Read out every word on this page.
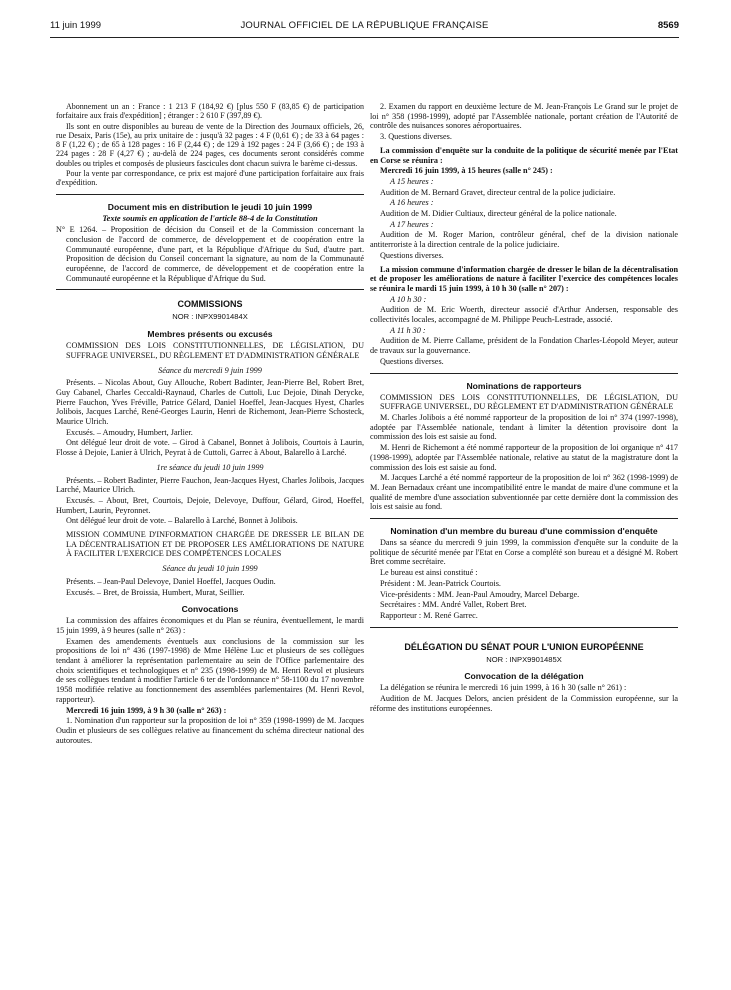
11 juin 1999	JOURNAL OFFICIEL DE LA RÉPUBLIQUE FRANÇAISE	8569

Abonnement un an : France : 1 213 F (184,92 €) [plus 550 F (83,85 €) de participation forfaitaire aux frais d'expédition] ; étranger : 2 610 F (397,89 €).

Ils sont en outre disponibles au bureau de vente de la Direction des Journaux officiels, 26, rue Desaix, Paris (15e), au prix unitaire de : jusqu'à 32 pages : 4 F (0,61 €) ; de 33 à 64 pages : 8 F (1,22 €) ; de 65 à 128 pages : 16 F (2,44 €) ; de 129 à 192 pages : 24 F (3,66 €) ; de 193 à 224 pages : 28 F (4,27 €) ; au-delà de 224 pages, ces documents seront considérés comme doubles ou triples et composés de plusieurs fascicules dont chacun suivra le barème ci-dessus.

Pour la vente par correspondance, ce prix est majoré d'une participation forfaitaire aux frais d'expédition.

Document mis en distribution le jeudi 10 juin 1999
Texte soumis en application de l'article 88-4 de la Constitution

N° E 1264. – Proposition de décision du Conseil et de la Commission concernant la conclusion de l'accord de commerce, de développement et de coopération entre la Communauté européenne, d'une part, et la République d'Afrique du Sud, d'autre part. Proposition de décision du Conseil concernant la signature, au nom de la Communauté européenne, de l'accord de commerce, de développement et de coopération entre la Communauté européenne et la République d'Afrique du Sud.

COMMISSIONS
NOR : INPX9901484X
Membres présents ou excusés

COMMISSION DES LOIS CONSTITUTIONNELLES, DE LÉGISLATION, DU SUFFRAGE UNIVERSEL, DU RÈGLEMENT ET D'ADMINISTRATION GÉNÉRALE

Séance du mercredi 9 juin 1999

Présents. – Nicolas About, Guy Allouche, Robert Badinter, Jean-Pierre Bel, Robert Bret, Guy Cabanel, Charles Ceccaldi-Raynaud, Charles de Cuttoli, Luc Dejoie, Dinah Derycke, Pierre Fauchon, Yves Fréville, Patrice Gélard, Daniel Hoeffel, Jean-Jacques Hyest, Charles Jolibois, Jacques Larché, René-Georges Laurin, Henri de Richemont, Jean-Pierre Schosteck, Maurice Ulrich.

Excusés. – Amoudry, Humbert, Jarlier.

Ont délégué leur droit de vote. – Girod à Cabanel, Bonnet à Jolibois, Courtois à Laurin, Flosse à Dejoie, Lanier à Ulrich, Peyrat à de Cuttoli, Garrec à About, Balarello à Larché.

1re séance du jeudi 10 juin 1999

Présents. – Robert Badinter, Pierre Fauchon, Jean-Jacques Hyest, Charles Jolibois, Jacques Larché, Maurice Ulrich.

Excusés. – About, Bret, Courtois, Dejoie, Delevoye, Duffour, Gélard, Girod, Hoeffel, Humbert, Laurin, Peyronnet.

Ont délégué leur droit de vote. – Balarello à Larché, Bonnet à Jolibois.

MISSION COMMUNE D'INFORMATION CHARGÉE DE DRESSER LE BILAN DE LA DÉCENTRALISATION ET DE PROPOSER LES AMÉLIORATIONS DE NATURE À FACILITER L'EXERCICE DES COMPÉTENCES LOCALES

Séance du jeudi 10 juin 1999

Présents. – Jean-Paul Delevoye, Daniel Hoeffel, Jacques Oudin.

Excusés. – Bret, de Broissia, Humbert, Murat, Seillier.

Convocations

La commission des affaires économiques et du Plan se réunira, éventuellement, le mardi 15 juin 1999, à 9 heures (salle n° 263) :

Examen des amendements éventuels aux conclusions de la commission sur les propositions de loi n° 436 (1997-1998) de Mme Hélène Luc et plusieurs de ses collègues tendant à améliorer la représentation parlementaire au sein de l'Office parlementaire des choix scientifiques et technologiques et n° 235 (1998-1999) de M. Henri Revol et plusieurs de ses collègues tendant à modifier l'article 6 ter de l'ordonnance n° 58-1100 du 17 novembre 1958 modifiée relative au fonctionnement des assemblées parlementaires (M. Henri Revol, rapporteur).

Mercredi 16 juin 1999, à 9 h 30 (salle n° 263) :

1. Nomination d'un rapporteur sur la proposition de loi n° 359 (1998-1999) de M. Jacques Oudin et plusieurs de ses collègues relative au financement du schéma directeur national des autoroutes.

2. Examen du rapport en deuxième lecture de M. Jean-François Le Grand sur le projet de loi n° 358 (1998-1999), adopté par l'Assemblée nationale, portant création de l'Autorité de contrôle des nuisances sonores aéroportuaires.

3. Questions diverses.

La commission d'enquête sur la conduite de la politique de sécurité menée par l'Etat en Corse se réunira :

Mercredi 16 juin 1999, à 15 heures (salle n° 245) :

A 15 heures :

Audition de M. Bernard Gravet, directeur central de la police judiciaire.

A 16 heures :

Audition de M. Didier Cultiaux, directeur général de la police nationale.

A 17 heures :

Audition de M. Roger Marion, contrôleur général, chef de la division nationale antiterroriste à la direction centrale de la police judiciaire.

Questions diverses.

La mission commune d'information chargée de dresser le bilan de la décentralisation et de proposer les améliorations de nature à faciliter l'exercice des compétences locales se réunira le mardi 15 juin 1999, à 10 h 30 (salle n° 207) :

A 10 h 30 :

Audition de M. Eric Woerth, directeur associé d'Arthur Andersen, responsable des collectivités locales, accompagné de M. Philippe Peuch-Lestrade, associé.

A 11 h 30 :

Audition de M. Pierre Callame, président de la Fondation Charles-Léopold Meyer, auteur de travaux sur la gouvernance.

Questions diverses.

Nominations de rapporteurs

COMMISSION DES LOIS CONSTITUTIONNELLES, DE LÉGISLATION, DU SUFFRAGE UNIVERSEL, DU RÈGLEMENT ET D'ADMINISTRATION GÉNÉRALE

M. Charles Jolibois a été nommé rapporteur de la proposition de loi n° 374 (1997-1998), adoptée par l'Assemblée nationale, tendant à limiter la détention provisoire dont la commission des lois est saisie au fond.

M. Henri de Richemont a été nommé rapporteur de la proposition de loi organique n° 417 (1998-1999), adoptée par l'Assemblée nationale, relative au statut de la magistrature dont la commission des lois est saisie au fond.

M. Jacques Larché a été nommé rapporteur de la proposition de loi n° 362 (1998-1999) de M. Jean Bernadaux créant une incompatibilité entre le mandat de maire d'une commune et la qualité de membre d'une association subventionnée par cette dernière dont la commission des lois est saisie au fond.

Nomination d'un membre du bureau d'une commission d'enquête

Dans sa séance du mercredi 9 juin 1999, la commission d'enquête sur la conduite de la politique de sécurité menée par l'Etat en Corse a complété son bureau et a désigné M. Robert Bret comme secrétaire.

Le bureau est ainsi constitué :

Président : M. Jean-Patrick Courtois.

Vice-présidents : MM. Jean-Paul Amoudry, Marcel Debarge.

Secrétaires : MM. André Vallet, Robert Bret.

Rapporteur : M. René Garrec.

DÉLÉGATION DU SÉNAT POUR L'UNION EUROPÉENNE
NOR : INPX9901485X
Convocation de la délégation

La délégation se réunira le mercredi 16 juin 1999, à 16 h 30 (salle n° 261) :

Audition de M. Jacques Delors, ancien président de la Commission européenne, sur la réforme des institutions européennes.
